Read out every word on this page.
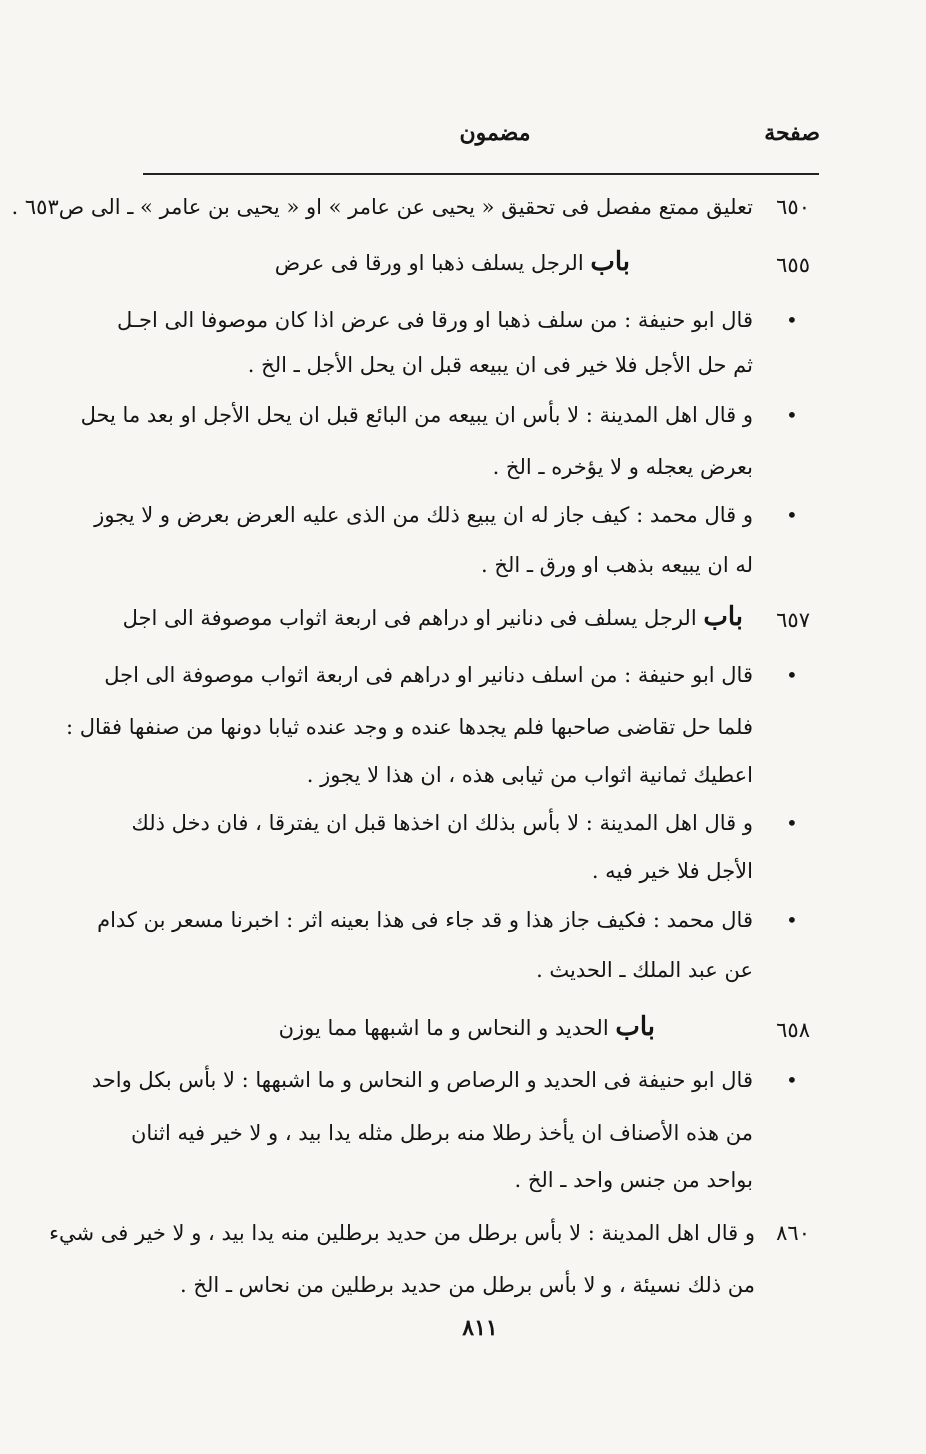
صفحة
مضمون
٦٥٠
تعليق ممتع مفصل فى تحقيق « يحيى عن عامر » او « يحيى بن عامر » ـ الى ص٦٥٣ .
٦٥٥
باب الرجل يسلف ذهبا او ورقا فى عرض
•
قال ابو حنيفة : من سلف ذهبا او ورقا فى عرض اذا كان موصوفا الى اجـل
ثم حل الأجل فلا خير فى ان يبيعه قبل ان يحل الأجل ـ الخ .
•
و قال اهل المدينة : لا بأس ان يبيعه من البائع قبل ان يحل الأجل او بعد ما يحل
بعرض يعجله و لا يؤخره ـ الخ .
•
و قال محمد : كيف جاز له ان يبيع ذلك من الذى عليه العرض بعرض و لا يجوز
له ان يبيعه بذهب او ورق ـ الخ .
٦٥٧
باب الرجل يسلف فى دنانير او دراهم فى اربعة اثواب موصوفة الى اجل
•
قال ابو حنيفة : من اسلف دنانير او دراهم فى اربعة اثواب موصوفة الى اجل
فلما حل تقاضى صاحبها فلم يجدها عنده و وجد عنده ثيابا دونها من صنفها فقال :
اعطيك ثمانية اثواب من ثيابى هذه ، ان هذا لا يجوز .
•
و قال اهل المدينة : لا بأس بذلك ان اخذها قبل ان يفترقا ، فان دخل ذلك
الأجل فلا خير فيه .
•
قال محمد : فكيف جاز هذا و قد جاء فى هذا بعينه اثر : اخبرنا مسعر بن كدام
عن عبد الملك ـ الحديث .
٦٥٨
باب الحديد و النحاس و ما اشبهها مما يوزن
•
قال ابو حنيفة فى الحديد و الرصاص و النحاس و ما اشبهها : لا بأس بكل واحد
من هذه الأصناف ان يأخذ رطلا منه برطل مثله يدا بيد ، و لا خير فيه اثنان
بواحد من جنس واحد ـ الخ .
٨٦٠
و قال اهل المدينة : لا بأس برطل من حديد برطلين منه يدا بيد ، و لا خير فى شيء
من ذلك نسيئة ، و لا بأس برطل من حديد برطلين من نحاس ـ الخ .
٨١١
